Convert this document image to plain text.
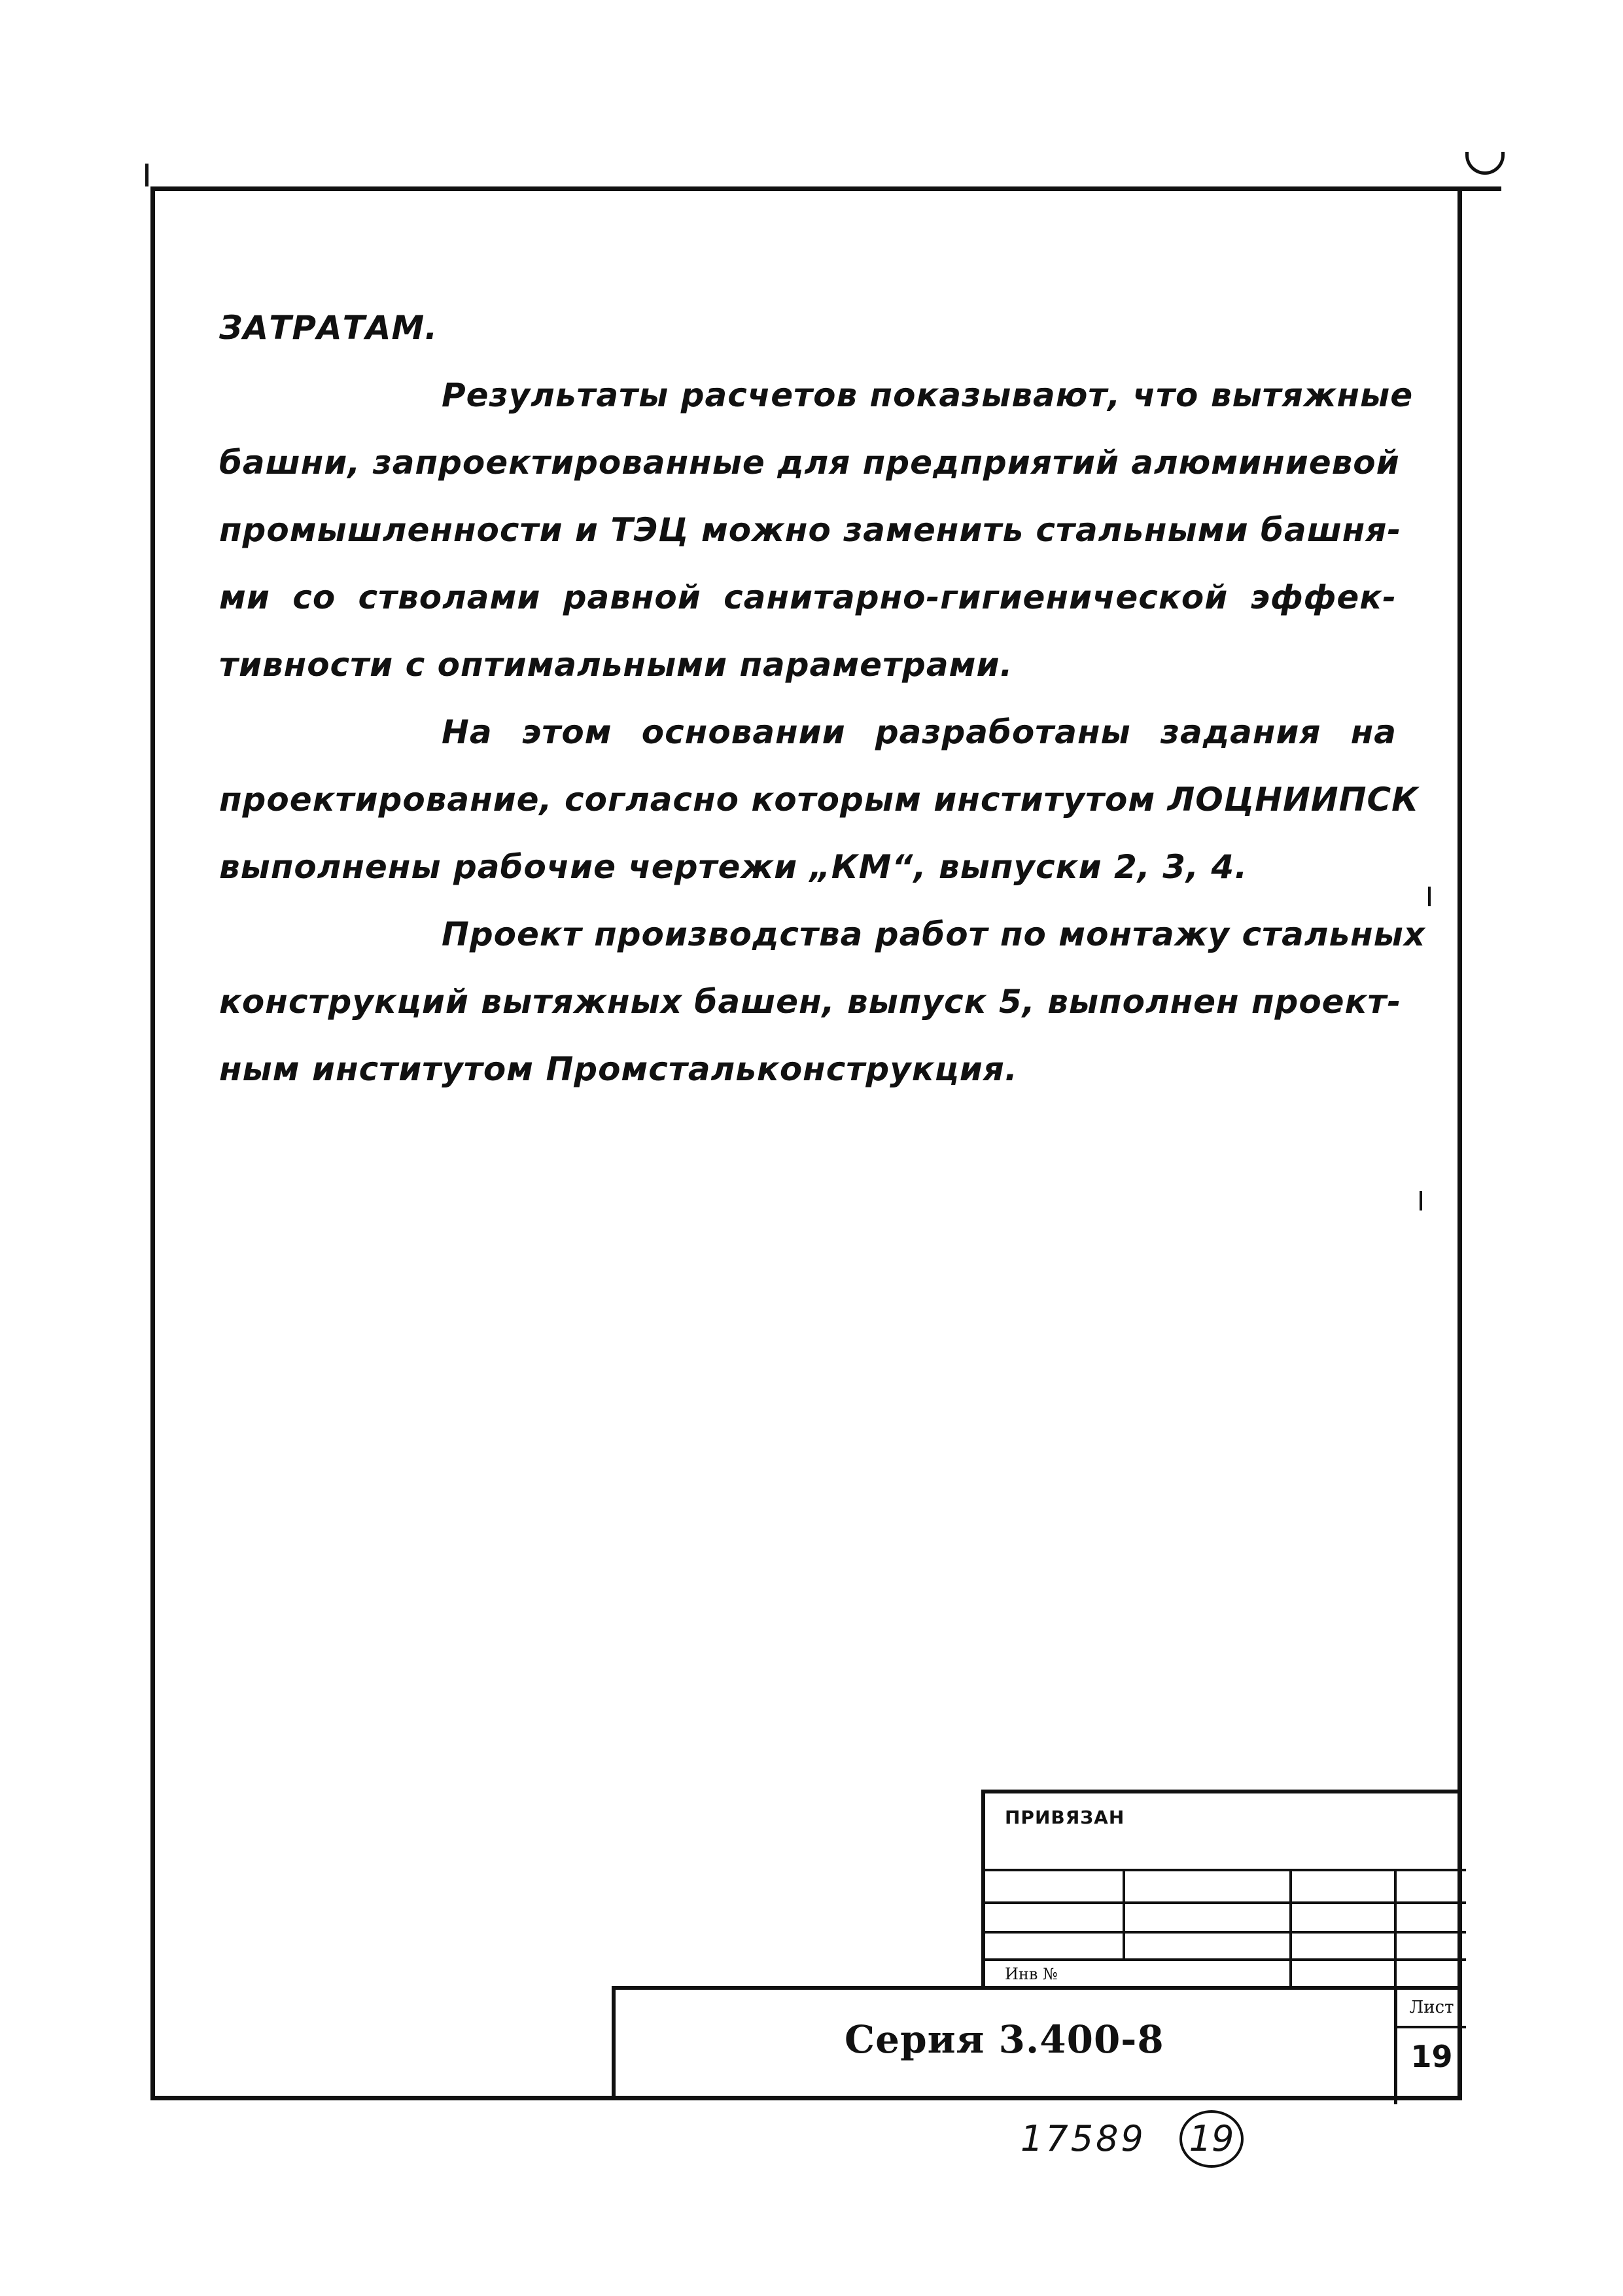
ЗАТРАТАМ.
Результаты расчетов показывают, что вытяжные
башни, запроектированные для предприятий алюминиевой
промышленности и ТЭЦ можно заменить стальными башня-
ми со стволами равной санитарно-гигиенической эффек-
тивности с оптимальными параметрами.
На этом основании разработаны задания на
проектирование, согласно которым институтом ЛОЦНИИПСК
выполнены рабочие чертежи „КМ“, выпуски 2, 3, 4.
Проект производства работ по монтажу стальных
конструкций вытяжных башен, выпуск 5, выполнен проект-
ным институтом Промстальконструкция.
ПРИВЯЗАН
Инв №
Серия 3.400-8
Лист
19
17589 19
